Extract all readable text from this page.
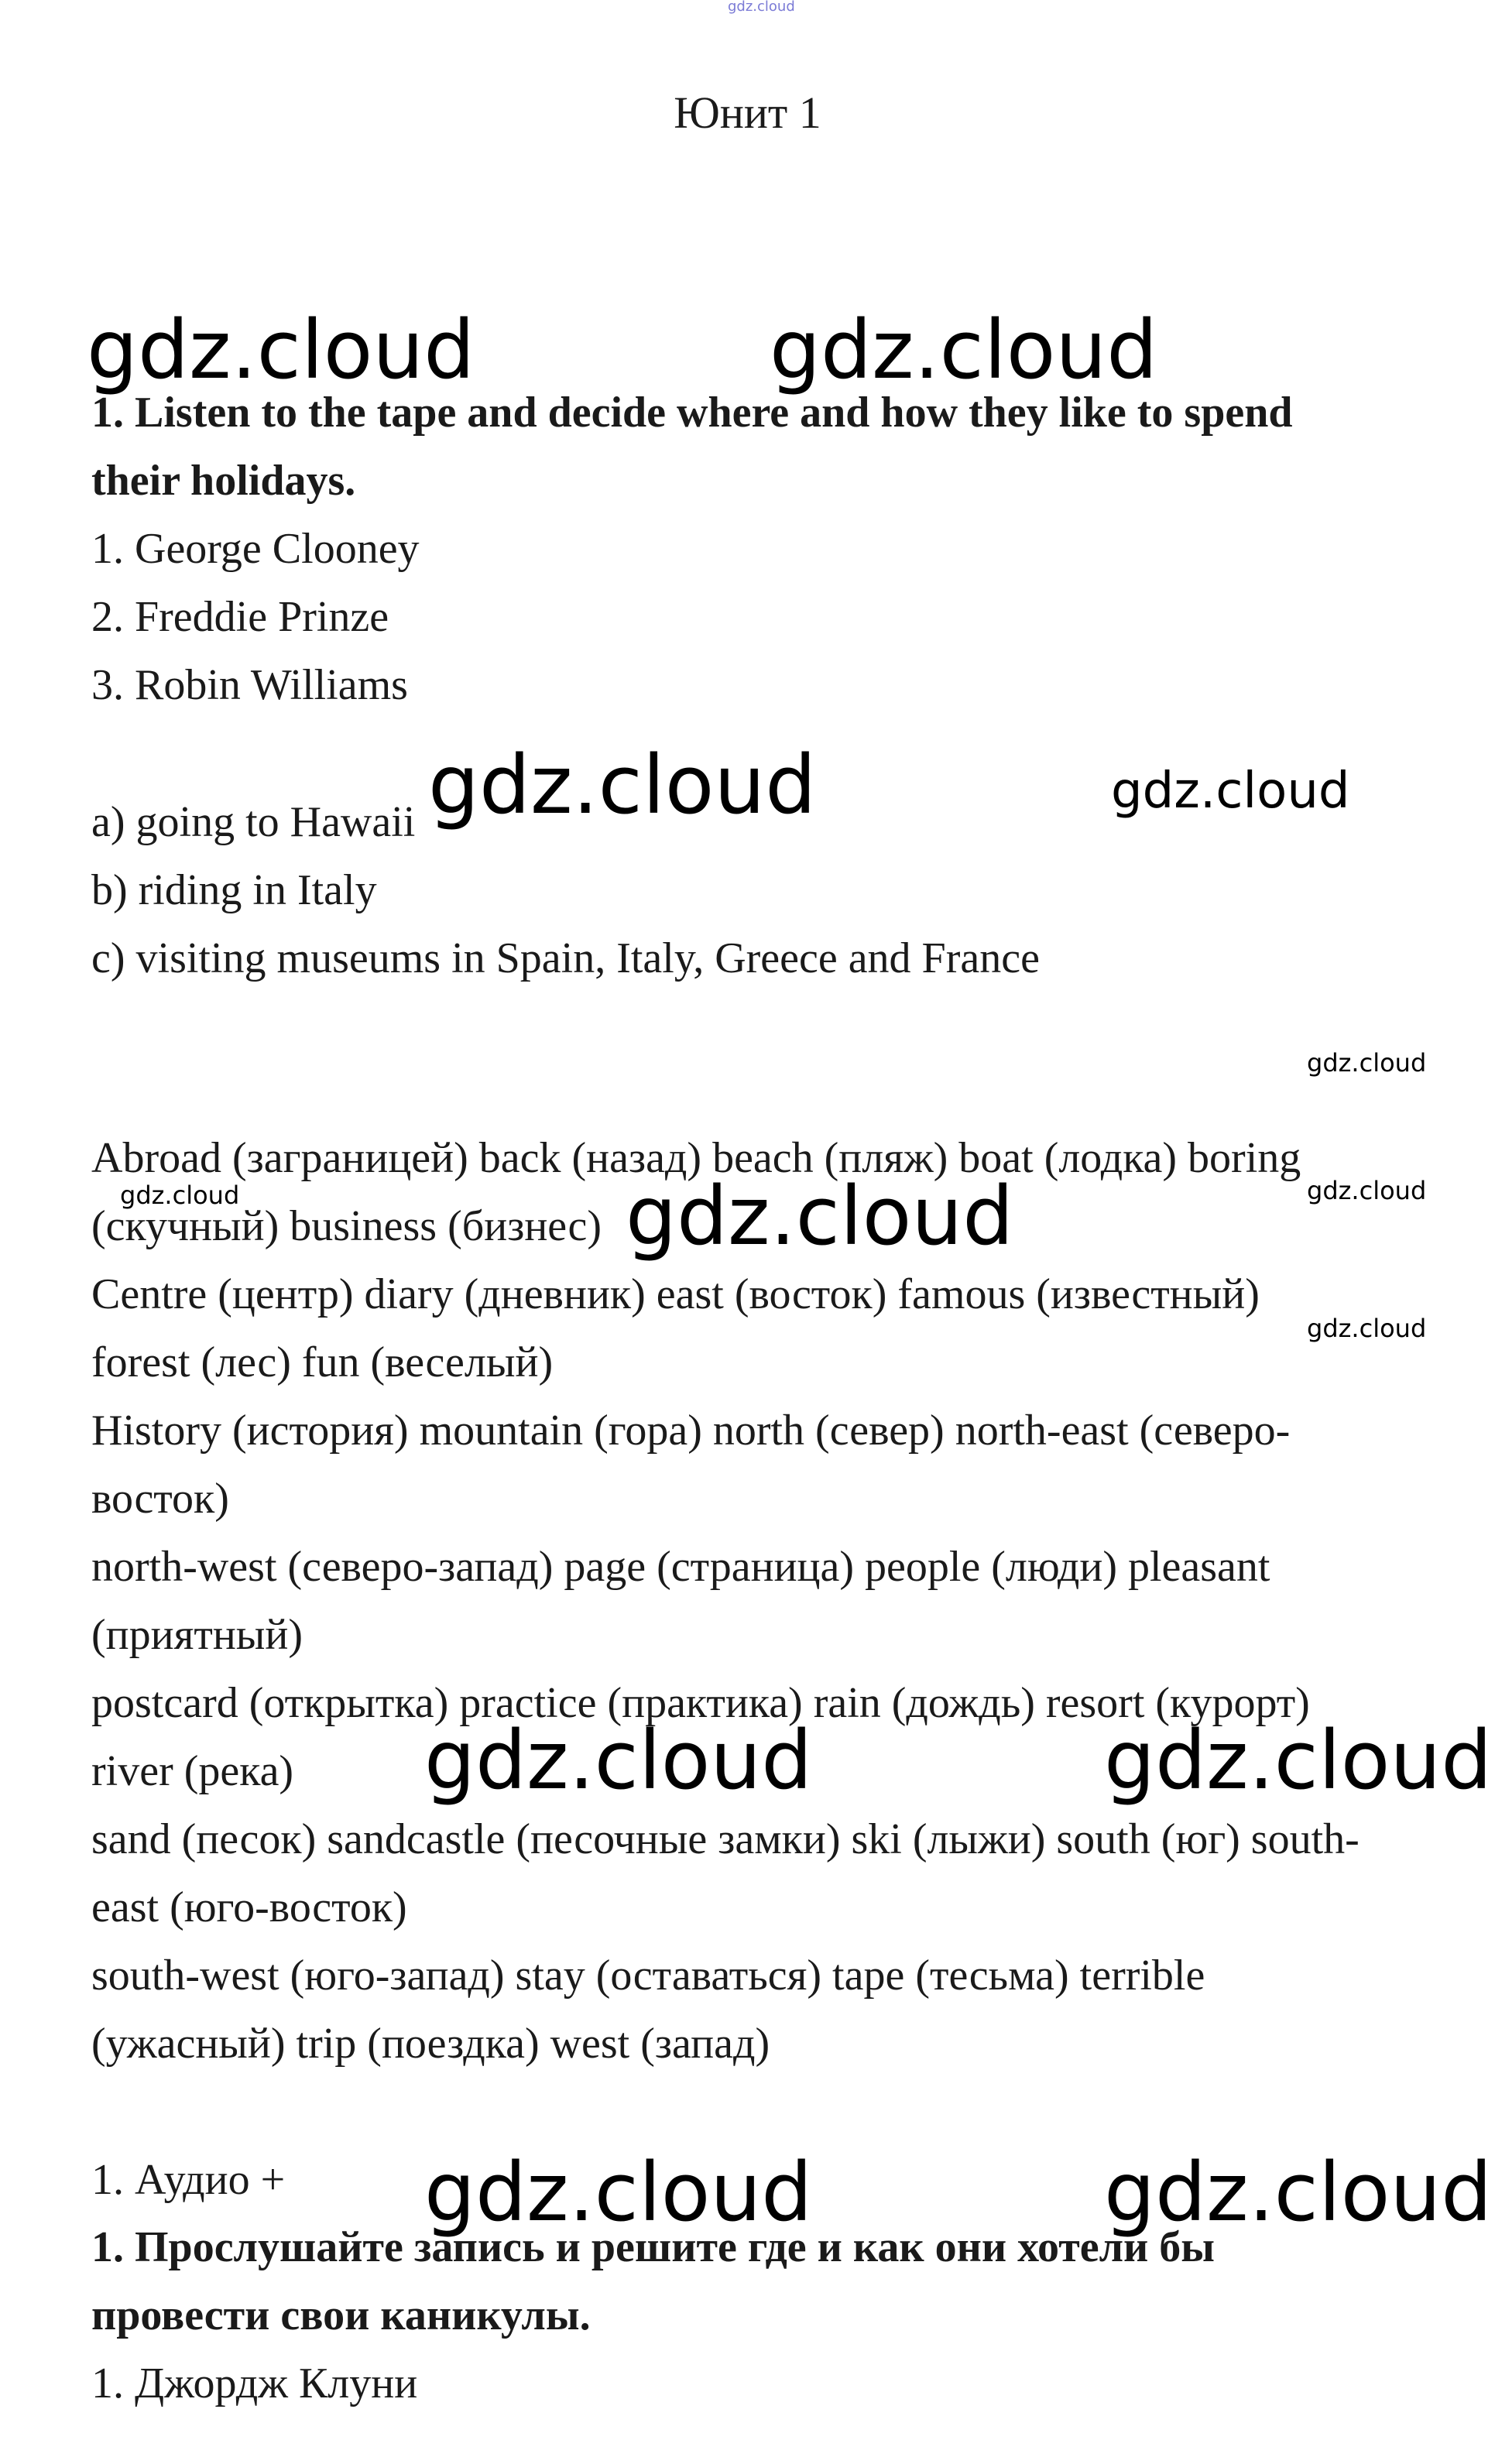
gdz.cloud
Юнит 1
gdz.cloud	gdz.cloud
1. Listen to the tape and decide where and how they like to spend
their holidays.
1. George Clooney
2. Freddie Prinze
3. Robin Williams
a) going to Hawaii
b) riding in Italy
c) visiting museums in Spain, Italy, Greece and France
gdz.cloud	gdz.cloud
gdz.cloud
Abroad (заграницей) back (назад) beach (пляж) boat (лодка) boring
(скучный) business (бизнес)
Centre (центр) diary (дневник) east (восток) famous (известный)
forest (лес) fun (веселый)
History (история) mountain (гора) north (север) north-east (северо-
восток)
north-west (северо-запад) page (страница) people (люди) pleasant
(приятный)
postcard (открытка) practice (практика) rain (дождь) resort (курорт)
river (река)
sand (песок) sandcastle (песочные замки) ski (лыжи) south (юг) south-
east (юго-восток)
south-west (юго-запад) stay (оставаться) tape (тесьма) terrible
(ужасный) trip (поездка) west (запад)
gdz.cloud	gdz.cloud
gdz.cloud
gdz.cloud
gdz.cloud	gdz.cloud
1. Аудио + gdz.cloud	gdz.cloud
1. Прослушайте запись и решите где и как они хотели бы
провести свои каникулы.
1. Джордж Клуни
